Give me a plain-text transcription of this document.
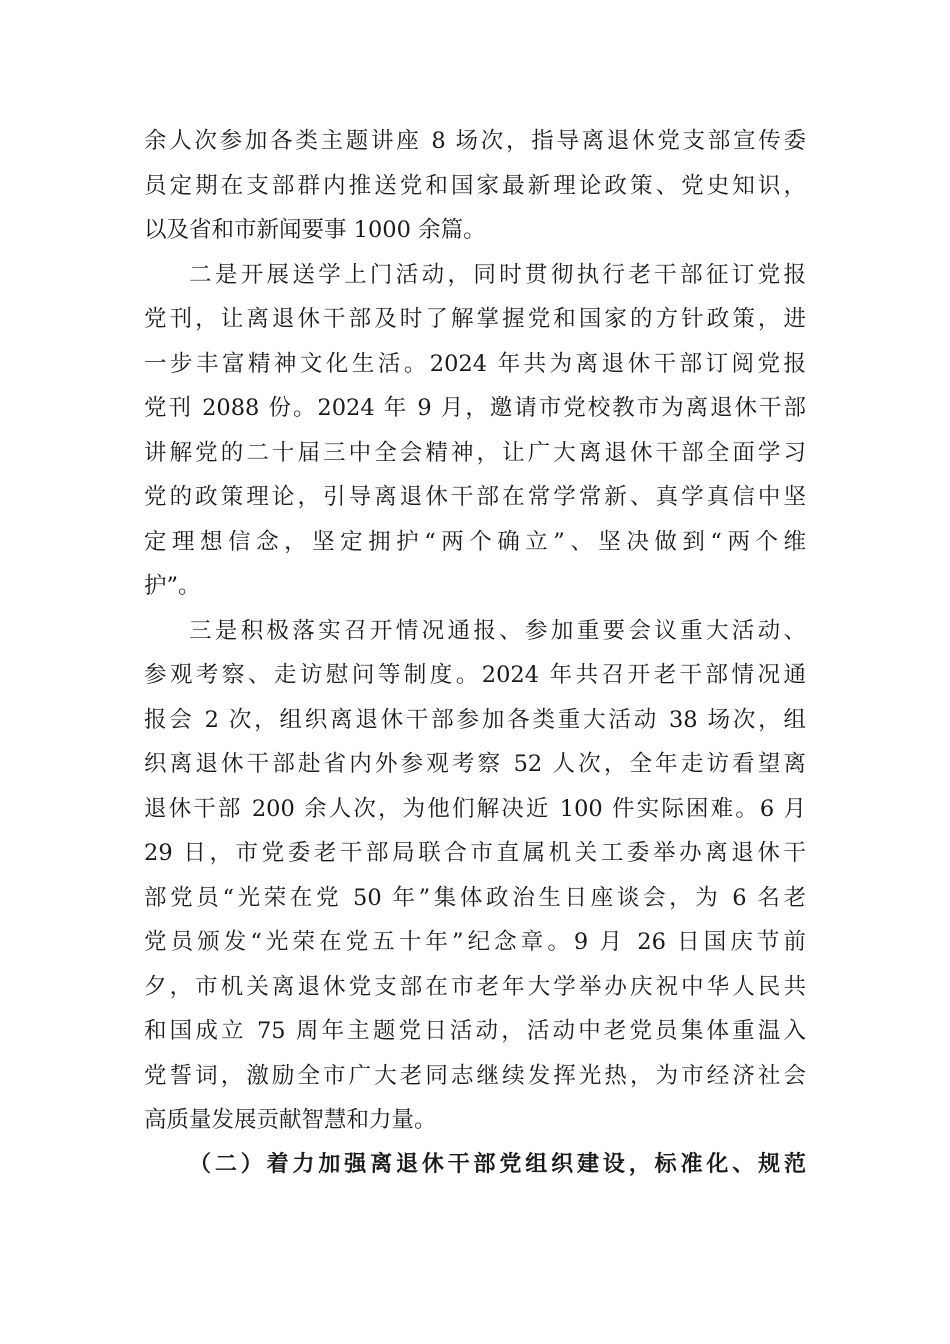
余人次参加各类主题讲座 8 场次，指导离退休党支部宣传委
员定期在支部群内推送党和国家最新理论政策、党史知识，
以及省和市新闻要事 1000 余篇。
二是开展送学上门活动，同时贯彻执行老干部征订党报
党刊，让离退休干部及时了解掌握党和国家的方针政策，进
一步丰富精神文化生活。2024 年共为离退休干部订阅党报
党刊 2088 份。2024 年 9 月，邀请市党校教市为离退休干部
讲解党的二十届三中全会精神，让广大离退休干部全面学习
党的政策理论，引导离退休干部在常学常新、真学真信中坚
定理想信念，坚定拥护“两个确立”、坚决做到“两个维
护”。
三是积极落实召开情况通报、参加重要会议重大活动、
参观考察、走访慰问等制度。2024 年共召开老干部情况通
报会 2 次，组织离退休干部参加各类重大活动 38 场次，组
织离退休干部赴省内外参观考察 52 人次，全年走访看望离
退休干部 200 余人次，为他们解决近 100 件实际困难。6 月
29 日，市党委老干部局联合市直属机关工委举办离退休干
部党员“光荣在党 50 年”集体政治生日座谈会，为 6 名老
党员颁发“光荣在党五十年”纪念章。9 月 26 日国庆节前
夕，市机关离退休党支部在市老年大学举办庆祝中华人民共
和国成立 75 周年主题党日活动，活动中老党员集体重温入
党誓词，激励全市广大老同志继续发挥光热，为市经济社会
高质量发展贡献智慧和力量。
（二）着力加强离退休干部党组织建设，标准化、规范
